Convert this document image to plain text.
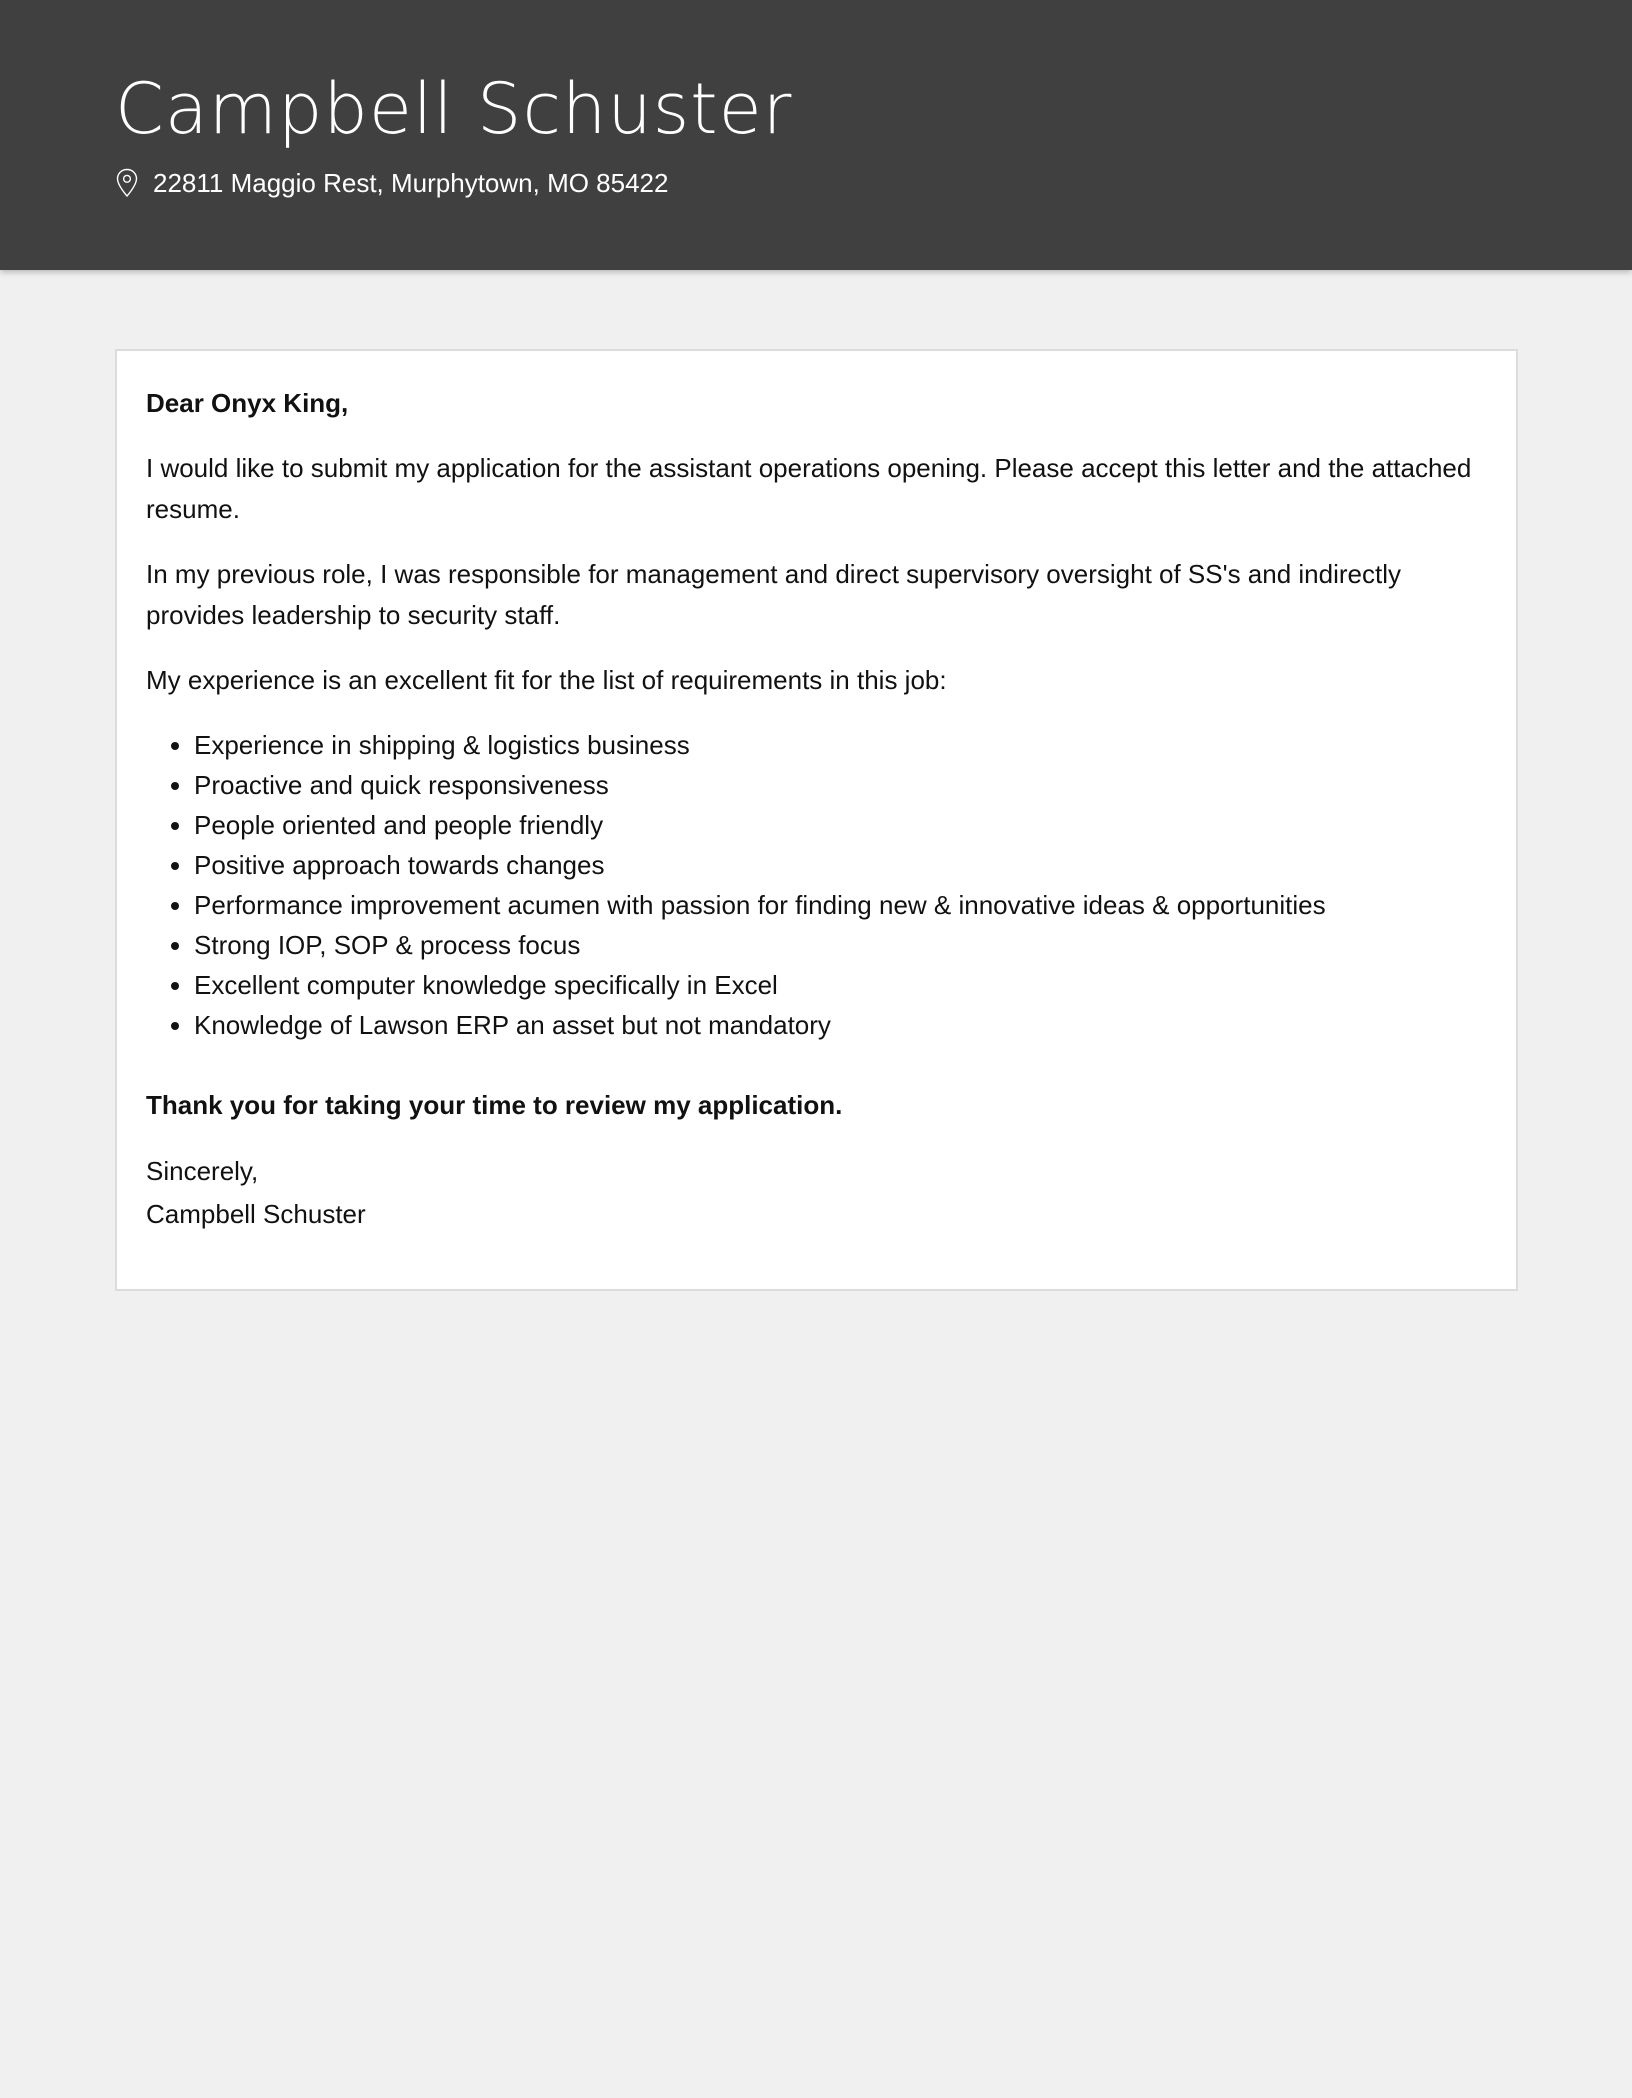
Campbell Schuster
22811 Maggio Rest, Murphytown, MO 85422

Dear Onyx King,

I would like to submit my application for the assistant operations opening. Please accept this letter and the attached resume.

In my previous role, I was responsible for management and direct supervisory oversight of SS's and indirectly provides leadership to security staff.

My experience is an excellent fit for the list of requirements in this job:

• Experience in shipping & logistics business
• Proactive and quick responsiveness
• People oriented and people friendly
• Positive approach towards changes
• Performance improvement acumen with passion for finding new & innovative ideas & opportunities
• Strong IOP, SOP & process focus
• Excellent computer knowledge specifically in Excel
• Knowledge of Lawson ERP an asset but not mandatory

Thank you for taking your time to review my application.

Sincerely,
Campbell Schuster
